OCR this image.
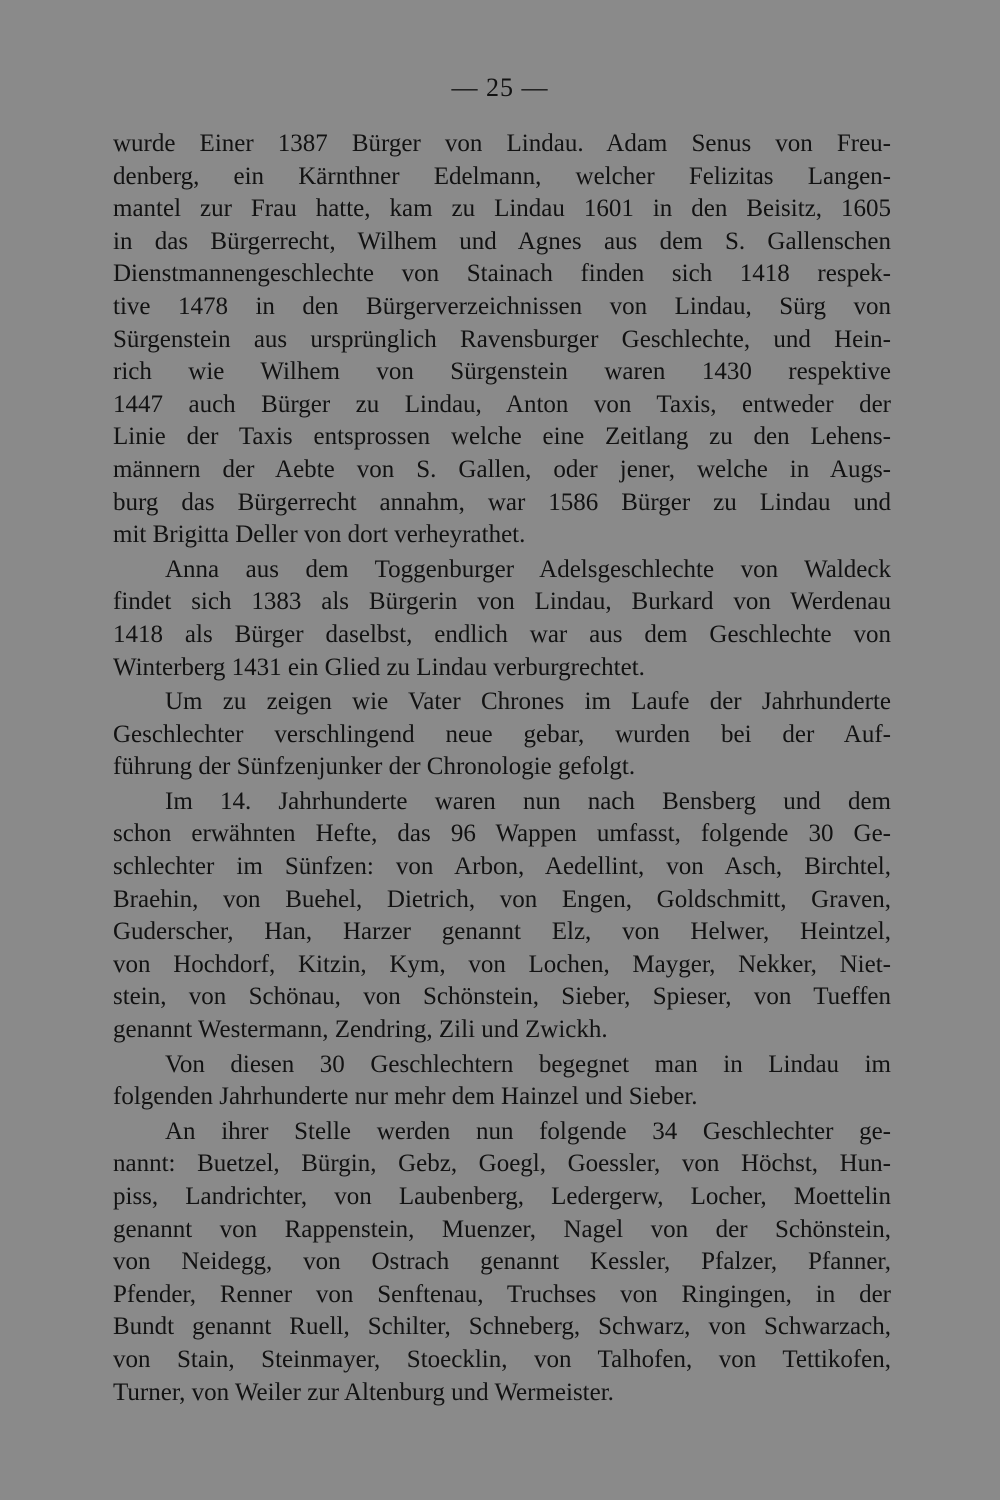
— 25 —

wurde Einer 1387 Bürger von Lindau. Adam Senus von Freu-
denberg, ein Kärnthner Edelmann, welcher Felizitas Langen-
mantel zur Frau hatte, kam zu Lindau 1601 in den Beisitz, 1605
in das Bürgerrecht, Wilhem und Agnes aus dem S. Gallenschen
Dienstmannengeschlechte von Stainach finden sich 1418 respek-
tive 1478 in den Bürgerverzeichnissen von Lindau, Sürg von
Sürgenstein aus ursprünglich Ravensburger Geschlechte, und Hein-
rich wie Wilhem von Sürgenstein waren 1430 respektive
1447 auch Bürger zu Lindau, Anton von Taxis, entweder der
Linie der Taxis entsprossen welche eine Zeitlang zu den Lehens-
männern der Aebte von S. Gallen, oder jener, welche in Augs-
burg das Bürgerrecht annahm, war 1586 Bürger zu Lindau und
mit Brigitta Deller von dort verheyrathet.

Anna aus dem Toggenburger Adelsgeschlechte von Waldeck
findet sich 1383 als Bürgerin von Lindau, Burkard von Werdenau
1418 als Bürger daselbst, endlich war aus dem Geschlechte von
Winterberg 1431 ein Glied zu Lindau verburgrechtet.

Um zu zeigen wie Vater Chrones im Laufe der Jahrhunderte
Geschlechter verschlingend neue gebar, wurden bei der Auf-
führung der Sünfzenjunker der Chronologie gefolgt.

Im 14. Jahrhunderte waren nun nach Bensberg und dem
schon erwähnten Hefte, das 96 Wappen umfasst, folgende 30 Ge-
schlechter im Sünfzen: von Arbon, Aedellint, von Asch, Birchtel,
Braehin, von Buehel, Dietrich, von Engen, Goldschmitt, Graven,
Guderscher, Han, Harzer genannt Elz, von Helwer, Heintzel,
von Hochdorf, Kitzin, Kym, von Lochen, Mayger, Nekker, Niet-
stein, von Schönau, von Schönstein, Sieber, Spieser, von Tueffen
genannt Westermann, Zendring, Zili und Zwickh.

Von diesen 30 Geschlechtern begegnet man in Lindau im
folgenden Jahrhunderte nur mehr dem Hainzel und Sieber.

An ihrer Stelle werden nun folgende 34 Geschlechter ge-
nannt: Buetzel, Bürgin, Gebz, Goegl, Goessler, von Höchst, Hun-
piss, Landrichter, von Laubenberg, Ledergerw, Locher, Moettelin
genannt von Rappenstein, Muenzer, Nagel von der Schönstein,
von Neidegg, von Ostrach genannt Kessler, Pfalzer, Pfanner,
Pfender, Renner von Senftenau, Truchses von Ringingen, in der
Bundt genannt Ruell, Schilter, Schneberg, Schwarz, von Schwarzach,
von Stain, Steinmayer, Stoecklin, von Talhofen, von Tettikofen,
Turner, von Weiler zur Altenburg und Wermeister.
